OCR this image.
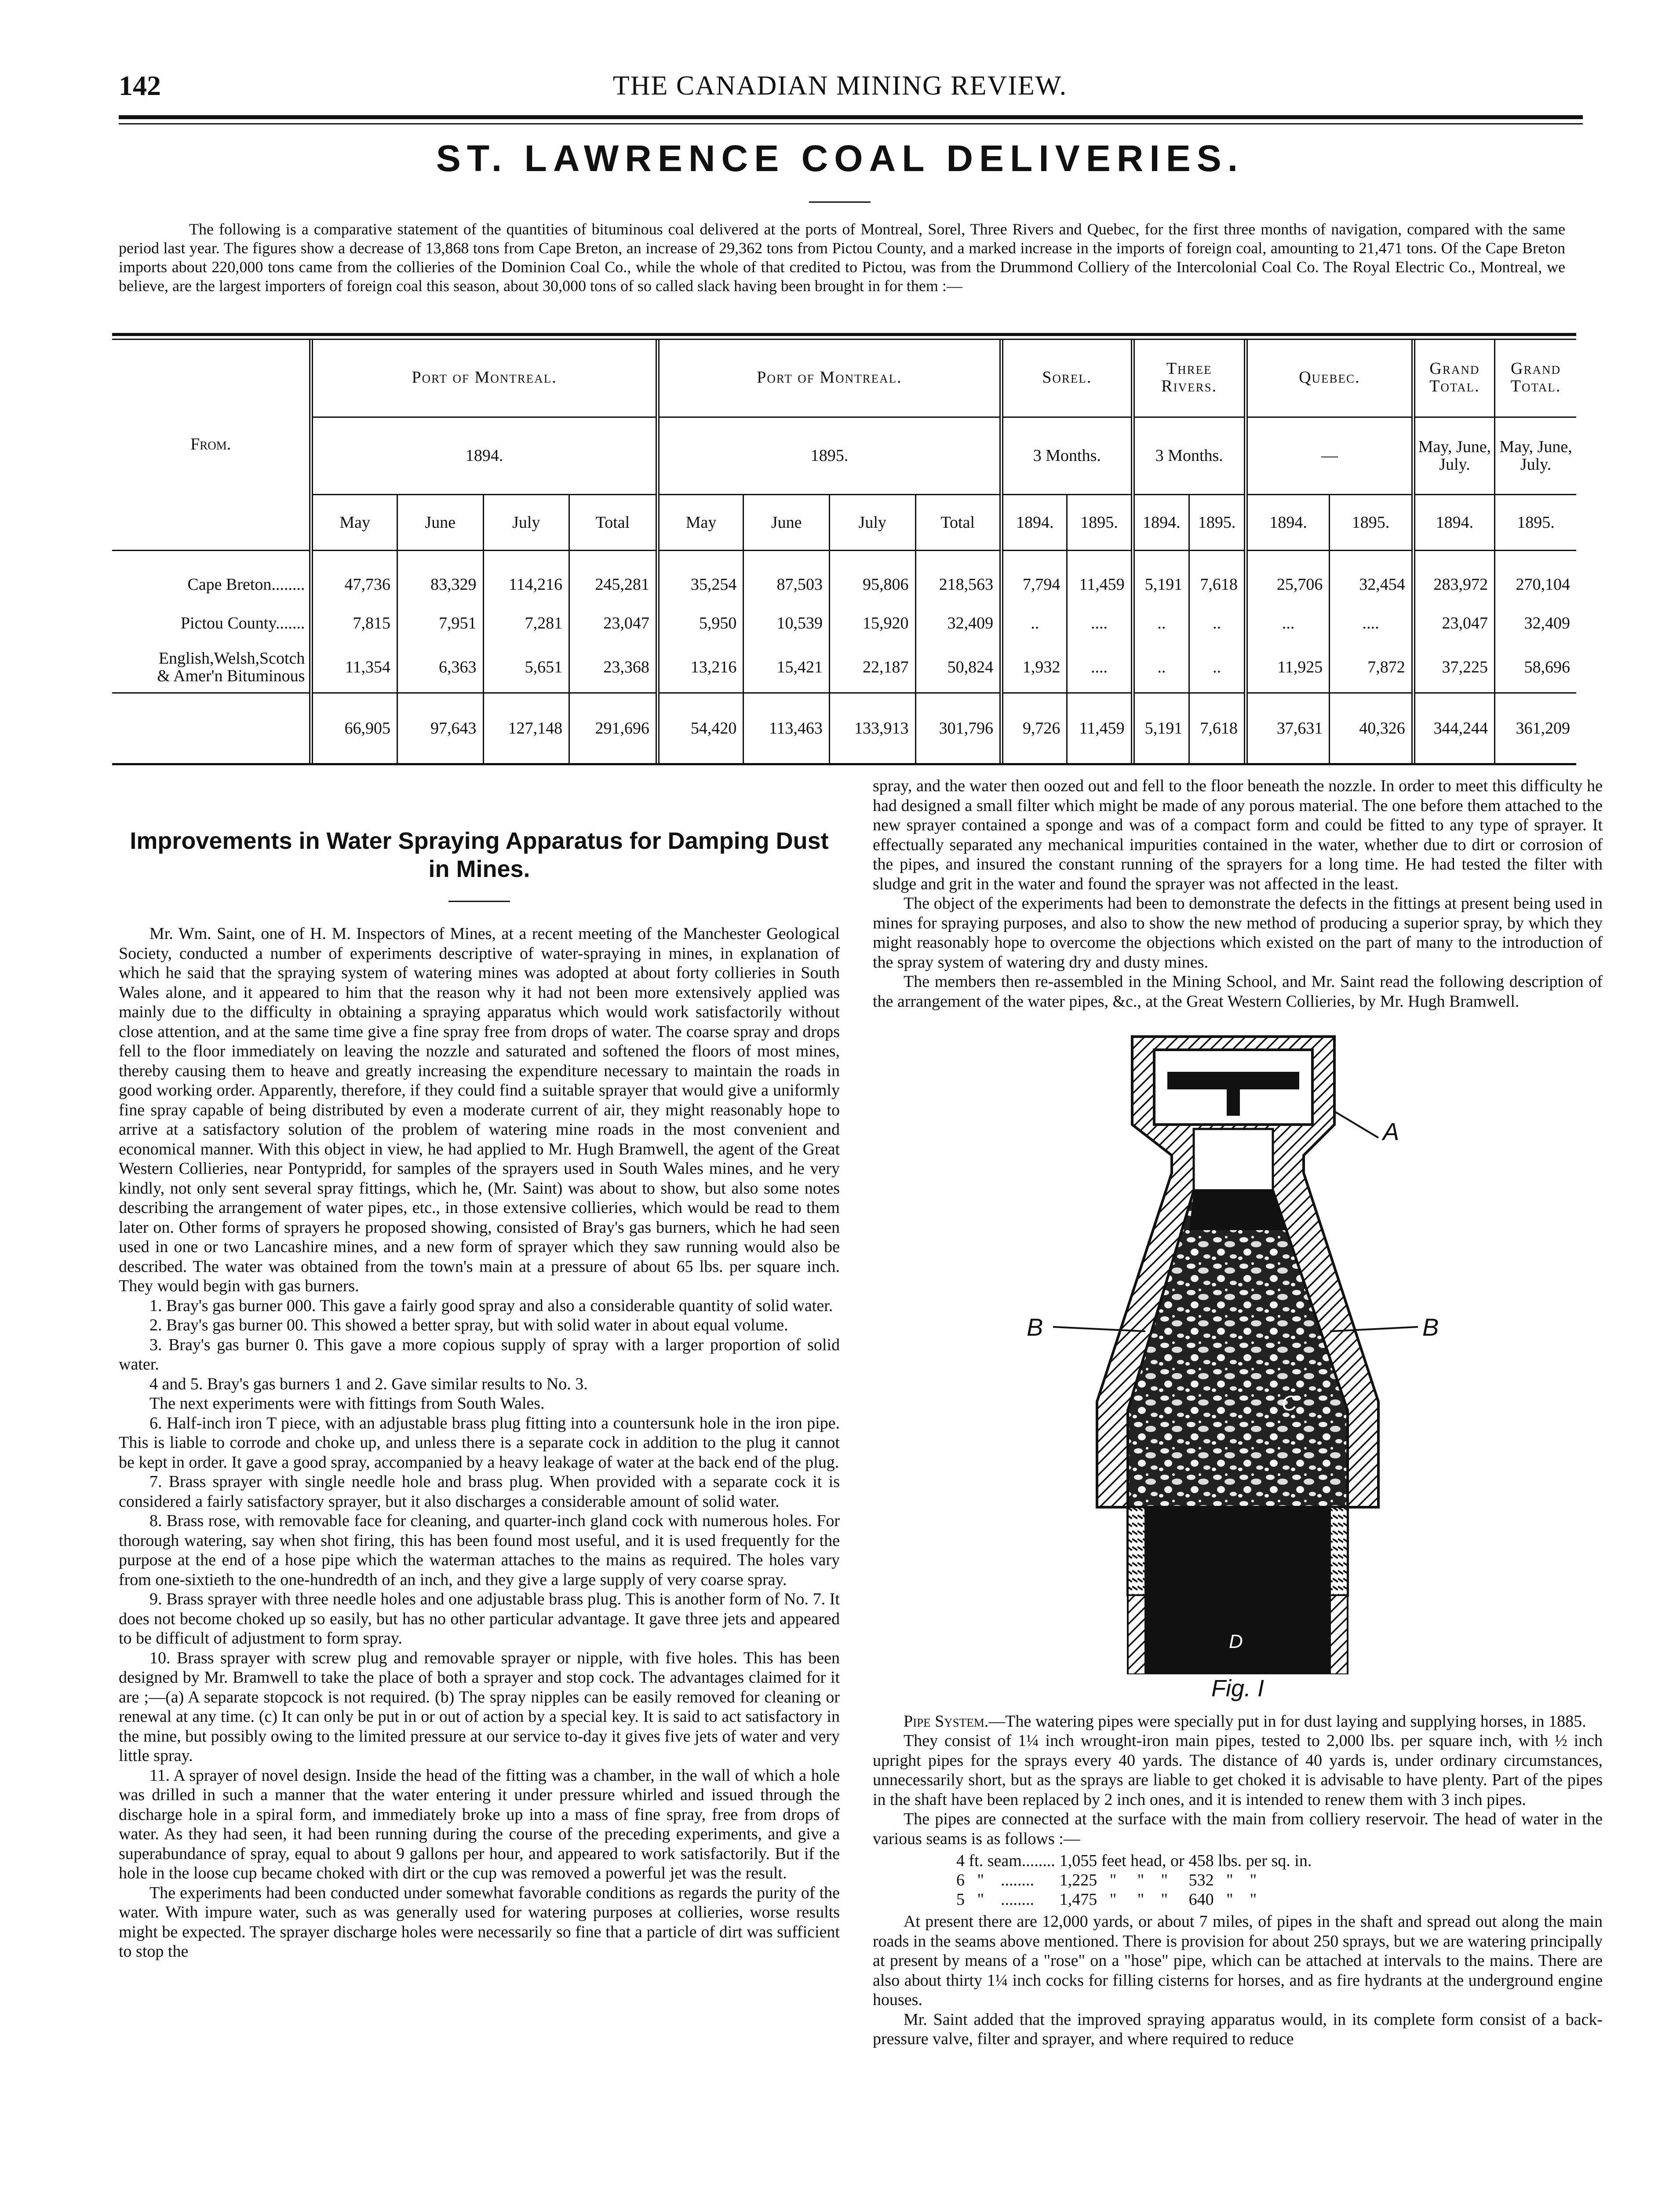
142	THE CANADIAN MINING REVIEW.
ST. LAWRENCE COAL DELIVERIES.
The following is a comparative statement of the quantities of bituminous coal delivered at the ports of Montreal, Sorel, Three Rivers and Quebec, for the first three months of navigation, compared with the same period last year. The figures show a decrease of 13,868 tons from Cape Breton, an increase of 29,362 tons from Pictou County, and a marked increase in the imports of foreign coal, amounting to 21,471 tons. Of the Cape Breton imports about 220,000 tons came from the collieries of the Dominion Coal Co., while the whole of that credited to Pictou, was from the Drummond Colliery of the Intercolonial Coal Co. The Royal Electric Co., Montreal, we believe, are the largest importers of foreign coal this season, about 30,000 tons of so called slack having been brought in for them :—
From.	Port of Montreal.				Port of Montreal.				Sorel.		Three Rivers.		Quebec.		Grand Total.	Grand Total.
	1894.				1895.				3 Months.		3 Months.		—		May, June, July.	May, June, July.
	May	June	July	Total	May	June	July	Total	1894.	1895.	1894.	1895.	1894.	1895.	1894.	1895.

Cape Breton........	47,736	83,329	114,216	245,281	35,254	87,503	95,806	218,563	7,794	11,459	5,191	7,618	25,706	32,454	283,972	270,104
Pictou County.......	7,815	7,951	7,281	23,047	5,950	10,539	15,920	32,409	..	....	..	..	...	....	23,047	32,409
English,Welsh,Scotch
& Amer'n Bituminous	11,354	6,363	5,651	23,368	13,216	15,421	22,187	50,824	1,932	....	..	..	11,925	7,872	37,225	58,696
	66,905	97,643	127,148	291,696	54,420	113,463	133,913	301,796	9,726	11,459	5,191	7,618	37,631	40,326	344,244	361,209

Improvements in Water Spraying Apparatus for Damping Dust in Mines.

Mr. Wm. Saint, one of H. M. Inspectors of Mines, at a recent meeting of the Manchester Geological Society, conducted a number of experiments descriptive of water-spraying in mines, in explanation of which he said that the spraying system of watering mines was adopted at about forty collieries in South Wales alone, and it appeared to him that the reason why it had not been more extensively applied was mainly due to the difficulty in obtaining a spraying apparatus which would work satisfactorily without close attention, and at the same time give a fine spray free from drops of water. The coarse spray and drops fell to the floor immediately on leaving the nozzle and saturated and softened the floors of most mines, thereby causing them to heave and greatly increasing the expenditure necessary to maintain the roads in good working order. Apparently, therefore, if they could find a suitable sprayer that would give a uniformly fine spray capable of being distributed by even a moderate current of air, they might reasonably hope to arrive at a satisfactory solution of the problem of watering mine roads in the most convenient and economical manner. With this object in view, he had applied to Mr. Hugh Bramwell, the agent of the Great Western Collieries, near Pontypridd, for samples of the sprayers used in South Wales mines, and he very kindly, not only sent several spray fittings, which he, (Mr. Saint) was about to show, but also some notes describing the arrangement of water pipes, etc., in those extensive collieries, which would be read to them later on. Other forms of sprayers he proposed showing, consisted of Bray's gas burners, which he had seen used in one or two Lancashire mines, and a new form of sprayer which they saw running would also be described. The water was obtained from the town's main at a pressure of about 65 lbs. per square inch. They would begin with gas burners.

1. Bray's gas burner 000. This gave a fairly good spray and also a considerable quantity of solid water.

2. Bray's gas burner 00. This showed a better spray, but with solid water in about equal volume.

3. Bray's gas burner 0. This gave a more copious supply of spray with a larger proportion of solid water.

4 and 5. Bray's gas burners 1 and 2. Gave similar results to No. 3.

The next experiments were with fittings from South Wales.

6. Half-inch iron T piece, with an adjustable brass plug fitting into a countersunk hole in the iron pipe. This is liable to corrode and choke up, and unless there is a separate cock in addition to the plug it cannot be kept in order. It gave a good spray, accompanied by a heavy leakage of water at the back end of the plug.

7. Brass sprayer with single needle hole and brass plug. When provided with a separate cock it is considered a fairly satisfactory sprayer, but it also discharges a considerable amount of solid water.

8. Brass rose, with removable face for cleaning, and quarter-inch gland cock with numerous holes. For thorough watering, say when shot firing, this has been found most useful, and it is used frequently for the purpose at the end of a hose pipe which the waterman attaches to the mains as required. The holes vary from one-sixtieth to the one-hundredth of an inch, and they give a large supply of very coarse spray.

9. Brass sprayer with three needle holes and one adjustable brass plug. This is another form of No. 7. It does not become choked up so easily, but has no other particular advantage. It gave three jets and appeared to be difficult of adjustment to form spray.

10. Brass sprayer with screw plug and removable sprayer or nipple, with five holes. This has been designed by Mr. Bramwell to take the place of both a sprayer and stop cock. The advantages claimed for it are ;—(a) A separate stopcock is not required. (b) The spray nipples can be easily removed for cleaning or renewal at any time. (c) It can only be put in or out of action by a special key. It is said to act satisfactory in the mine, but possibly owing to the limited pressure at our service to-day it gives five jets of water and very little spray.

11. A sprayer of novel design. Inside the head of the fitting was a chamber, in the wall of which a hole was drilled in such a manner that the water entering it under pressure whirled and issued through the discharge hole in a spiral form, and immediately broke up into a mass of fine spray, free from drops of water. As they had seen, it had been running during the course of the preceding experiments, and give a superabundance of spray, equal to about 9 gallons per hour, and appeared to work satisfactorily. But if the hole in the loose cup became choked with dirt or the cup was removed a powerful jet was the result.

The experiments had been conducted under somewhat favorable conditions as regards the purity of the water. With impure water, such as was generally used for watering purposes at collieries, worse results might be expected. The sprayer discharge holes were necessarily so fine that a particle of dirt was sufficient to stop the

spray, and the water then oozed out and fell to the floor beneath the nozzle. In order to meet this difficulty he had designed a small filter which might be made of any porous material. The one before them attached to the new sprayer contained a sponge and was of a compact form and could be fitted to any type of sprayer. It effectually separated any mechanical impurities contained in the water, whether due to dirt or corrosion of the pipes, and insured the constant running of the sprayers for a long time. He had tested the filter with sludge and grit in the water and found the sprayer was not affected in the least.

The object of the experiments had been to demonstrate the defects in the fittings at present being used in mines for spraying purposes, and also to show the new method of producing a superior spray, by which they might reasonably hope to overcome the objections which existed on the part of many to the introduction of the spray system of watering dry and dusty mines.

The members then re-assembled in the Mining School, and Mr. Saint read the following description of the arrangement of the water pipes, &c., at the Great Western Collieries, by Mr. Hugh Bramwell.

A
B	B
C
D

Fig. I

Pipe System.—The watering pipes were specially put in for dust laying and supplying horses, in 1885.

They consist of 1¼ inch wrought-iron main pipes, tested to 2,000 lbs. per square inch, with ½ inch upright pipes for the sprays every 40 yards. The distance of 40 yards is, under ordinary circumstances, unnecessarily short, but as the sprays are liable to get choked it is advisable to have plenty. Part of the pipes in the shaft have been replaced by 2 inch ones, and it is intended to renew them with 3 inch pipes.

The pipes are connected at the surface with the main from colliery reservoir. The head of water in the various seams is as follows :—

4 ft. seam........	1,055 feet head, or	458 lbs. per sq. in.
6   "    ........	1,225   "     "    "	532   "    "
5   "    ........	1,475   "     "    "	640   "    "

At present there are 12,000 yards, or about 7 miles, of pipes in the shaft and spread out along the main roads in the seams above mentioned. There is provision for about 250 sprays, but we are watering principally at present by means of a "rose" on a "hose" pipe, which can be attached at intervals to the mains. There are also about thirty 1¼ inch cocks for filling cisterns for horses, and as fire hydrants at the underground engine houses.

Mr. Saint added that the improved spraying apparatus would, in its complete form consist of a back-pressure valve, filter and sprayer, and where required to reduce
